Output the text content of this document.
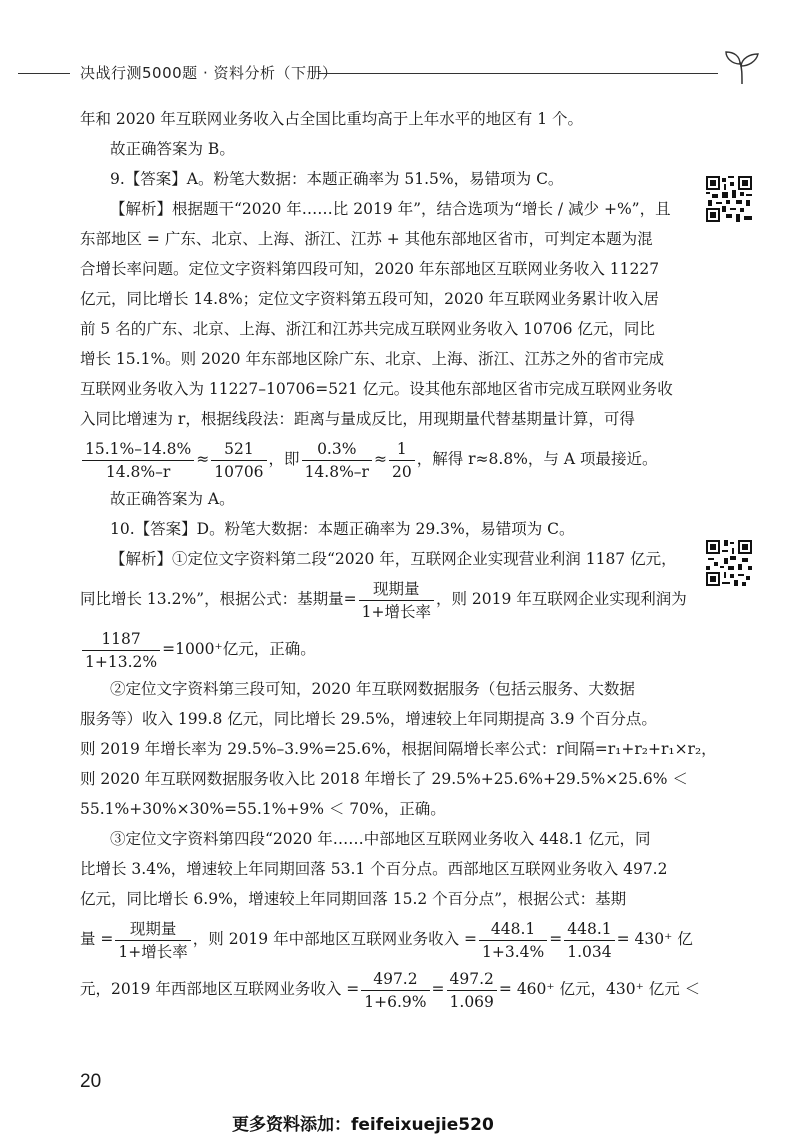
决战行测5000题 · 资料分析（下册）
年和 2020 年互联网业务收入占全国比重均高于上年水平的地区有 1 个。
故正确答案为 B。
9.【答案】A。粉笔大数据：本题正确率为 51.5%，易错项为 C。
【解析】根据题干“2020 年……比 2019 年”，结合选项为“增长 / 减少 +%”，且
东部地区 = 广东、北京、上海、浙江、江苏 + 其他东部地区省市，可判定本题为混
合增长率问题。定位文字资料第四段可知，2020 年东部地区互联网业务收入 11227
亿元，同比增长 14.8%；定位文字资料第五段可知，2020 年互联网业务累计收入居
前 5 名的广东、北京、上海、浙江和江苏共完成互联网业务收入 10706 亿元，同比
增长 15.1%。则 2020 年东部地区除广东、北京、上海、浙江、江苏之外的省市完成
互联网业务收入为 11227–10706=521 亿元。设其他东部地区省市完成互联网业务收
入同比增速为 r，根据线段法：距离与量成反比，用现期量代替基期量计算，可得
$\frac{15.1\%-14.8\%}{14.8\%-r} \approx \frac{521}{10706}$ ，即 $\frac{0.3\%}{14.8\%-r} \approx \frac{1}{20}$ ，解得 r≈8.8%，与 A 项最接近。
故正确答案为 A。
10.【答案】D。粉笔大数据：本题正确率为 29.3%，易错项为 C。
【解析】①定位文字资料第二段“2020 年，互联网企业实现营业利润 1187 亿元，
同比增长 13.2%”，根据公式：基期量= $\frac{\text{现期量}}{\text{1+增长率}}$ ，则 2019 年互联网企业实现利润为
$\frac{1187}{1+13.2\%} =1000^+$亿元，正确。
②定位文字资料第三段可知，2020 年互联网数据服务（包括云服务、大数据
服务等）收入 199.8 亿元，同比增长 29.5%，增速较上年同期提高 3.9 个百分点。
则 2019 年增长率为 29.5%–3.9%=25.6%，根据间隔增长率公式：r间隔=r₁+r₂+r₁×r₂，
则 2020 年互联网数据服务收入比 2018 年增长了 29.5%+25.6%+29.5%×25.6% ＜
55.1%+30%×30%=55.1%+9% ＜ 70%，正确。
③定位文字资料第四段“2020 年……中部地区互联网业务收入 448.1 亿元，同
比增长 3.4%，增速较上年同期回落 53.1 个百分点。西部地区互联网业务收入 497.2
亿元，同比增长 6.9%，增速较上年同期回落 15.2 个百分点”，根据公式：基期
量 = $\frac{\text{现期量}}{\text{1+增长率}}$ ，则 2019 年中部地区互联网业务收入 = $\frac{448.1}{1+3.4\%} = \frac{448.1}{1.034} = 430^+$ 亿
元，2019 年西部地区互联网业务收入 = $\frac{497.2}{1+6.9\%} = \frac{497.2}{1.069} = 460^+$ 亿元，430⁺ 亿元 ＜
20
更多资料添加：feifeixuejie520
